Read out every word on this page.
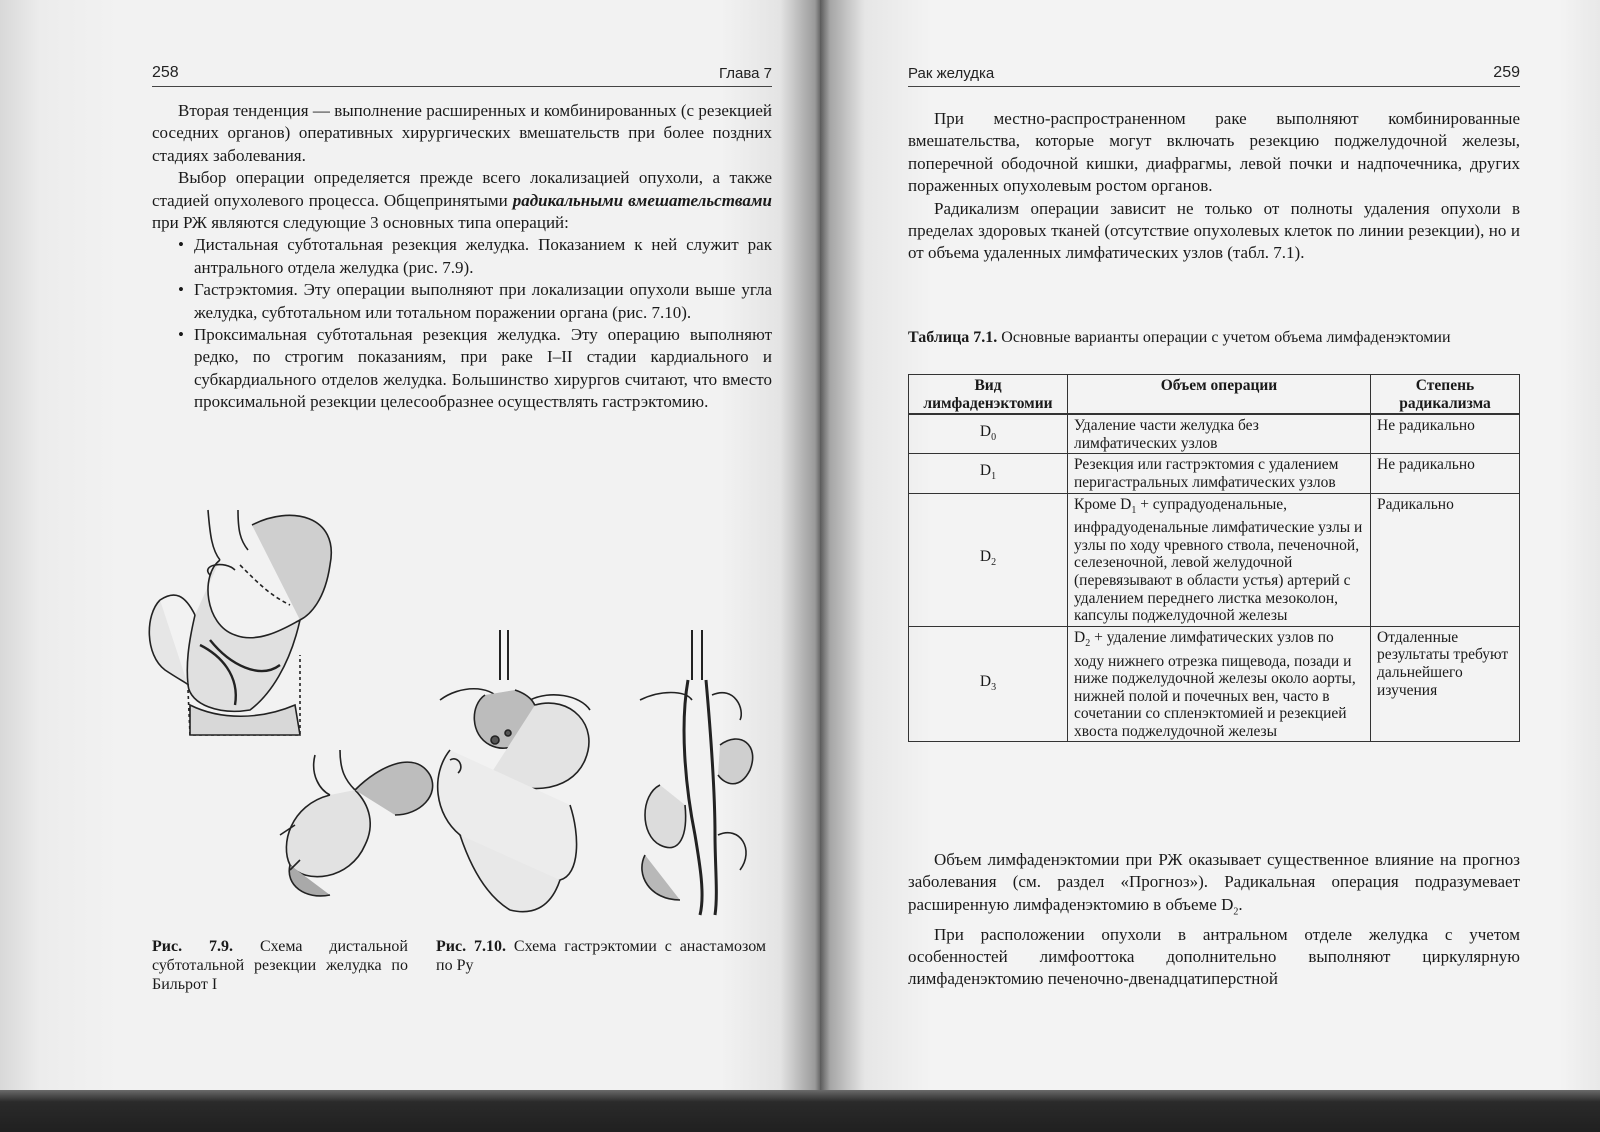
258	Глава 7

Вторая тенденция — выполнение расширенных и комбинированных (с резекцией соседних органов) оперативных хирургических вмешательств при более поздних стадиях заболевания.

Выбор операции определяется прежде всего локализацией опухоли, а также стадией опухолевого процесса. Общепринятыми радикальными вмешательствами при РЖ являются следующие 3 основных типа операций:

• Дистальная субтотальная резекция желудка. Показанием к ней служит рак антрального отдела желудка (рис. 7.9).
• Гастрэктомия. Эту операции выполняют при локализации опухоли выше угла желудка, субтотальном или тотальном поражении органа (рис. 7.10).
• Проксимальная субтотальная резекция желудка. Эту операцию выполняют редко, по строгим показаниям, при раке I–II стадии кардиального и субкардиального отделов желудка. Большинство хирургов считают, что вместо проксимальной резекции целесообразнее осуществлять гастрэктомию.
Рис. 7.9. Схема дистальной субтотальной резекции желудка по Бильрот I
Рис. 7.10. Схема гастрэктомии с анастамозом по Ру
Рак желудка	259

При местно-распространенном раке выполняют комбинированные вмешательства, которые могут включать резекцию поджелудочной железы, поперечной ободочной кишки, диафрагмы, левой почки и надпочечника, других пораженных опухолевым ростом органов.

Радикализм операции зависит не только от полноты удаления опухоли в пределах здоровых тканей (отсутствие опухолевых клеток по линии резекции), но и от объема удаленных лимфатических узлов (табл. 7.1).

Таблица 7.1. Основные варианты операции с учетом объема лимфаденэктомии
Вид лимфаденэктомии	Объем операции	Степень радикализма
$D_0$	Удаление части желудка без лимфатических узлов	Не радикально
$D_1$	Резекция или гастрэктомия с удалением перигастральных лимфатических узлов	Не радикально
$D_2$	Кроме $D_1$ + супрадуоденальные, инфрадуоденальные лимфатические узлы и узлы по ходу чревного ствола, печеночной, селезеночной, левой желудочной (перевязывают в области устья) артерий с удалением переднего листка мезоколон, капсулы поджелудочной железы	Радикально
$D_3$	$D_2$ + удаление лимфатических узлов по ходу нижнего отрезка пищевода, позади и ниже поджелудочной железы около аорты, нижней полой и почечных вен, часто в сочетании со спленэктомией и резекцией хвоста поджелудочной железы	Отдаленные результаты требуют дальнейшего изучения

Объем лимфаденэктомии при РЖ оказывает существенное влияние на прогноз заболевания (см. раздел «Прогноз»). Радикальная операция подразумевает расширенную лимфаденэктомию в объеме $D_2$.

При расположении опухоли в антральном отделе желудка с учетом особенностей лимфооттока дополнительно выполняют циркулярную лимфаденэктомию печеночно-двенадцатиперстной
